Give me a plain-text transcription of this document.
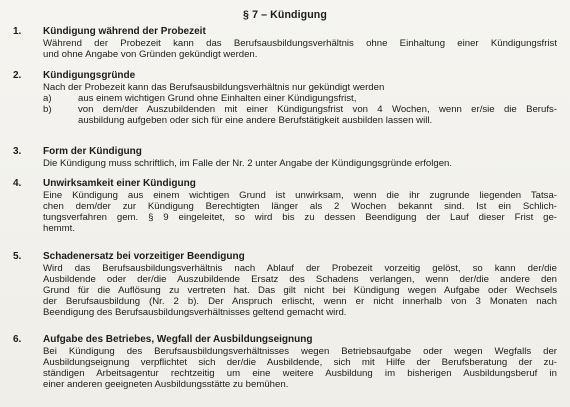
§ 7 – Kündigung
1. Kündigung während der Probezeit
Während der Probezeit kann das Berufsausbildungsverhältnis ohne Einhaltung einer Kündigungsfrist
und ohne Angabe von Gründen gekündigt werden.
2. Kündigungsgründe
Nach der Probezeit kann das Berufsausbildungsverhältnis nur gekündigt werden
a)	aus einem wichtigen Grund ohne Einhalten einer Kündigungsfrist,
b)	von dem/der Auszubildenden mit einer Kündigungsfrist von 4 Wochen, wenn er/sie die Berufs-
ausbildung aufgeben oder sich für eine andere Berufstätigkeit ausbilden lassen will.
3. Form der Kündigung
Die Kündigung muss schriftlich, im Falle der Nr. 2 unter Angabe der Kündigungsgründe erfolgen.
4. Unwirksamkeit einer Kündigung
Eine Kündigung aus einem wichtigen Grund ist unwirksam, wenn die ihr zugrunde liegenden Tatsa-
chen dem/der zur Kündigung Berechtigten länger als 2 Wochen bekannt sind. Ist ein Schlich-
tungsverfahren gem. § 9 eingeleitet, so wird bis zu dessen Beendigung der Lauf dieser Frist ge-
hemmt.
5. Schadenersatz bei vorzeitiger Beendigung
Wird das Berufsausbildungsverhältnis nach Ablauf der Probezeit vorzeitig gelöst, so kann der/die
Ausbildende oder der/die Auszubildende Ersatz des Schadens verlangen, wenn der/die andere den
Grund für die Auflösung zu vertreten hat. Das gilt nicht bei Kündigung wegen Aufgabe oder Wechsels
der Berufsausbildung (Nr. 2 b). Der Anspruch erlischt, wenn er nicht innerhalb von 3 Monaten nach
Beendigung des Berufsausbildungsverhältnisses geltend gemacht wird.
6. Aufgabe des Betriebes, Wegfall der Ausbildungseignung
Bei Kündigung des Berufsausbildungsverhältnisses wegen Betriebsaufgabe oder wegen Wegfalls der
Ausbildungseignung verpflichtet sich der/die Ausbildende, sich mit Hilfe der Berufsberatung der zu-
ständigen Arbeitsagentur rechtzeitig um eine weitere Ausbildung im bisherigen Ausbildungsberuf in
einer anderen geeigneten Ausbildungsstätte zu bemühen.
